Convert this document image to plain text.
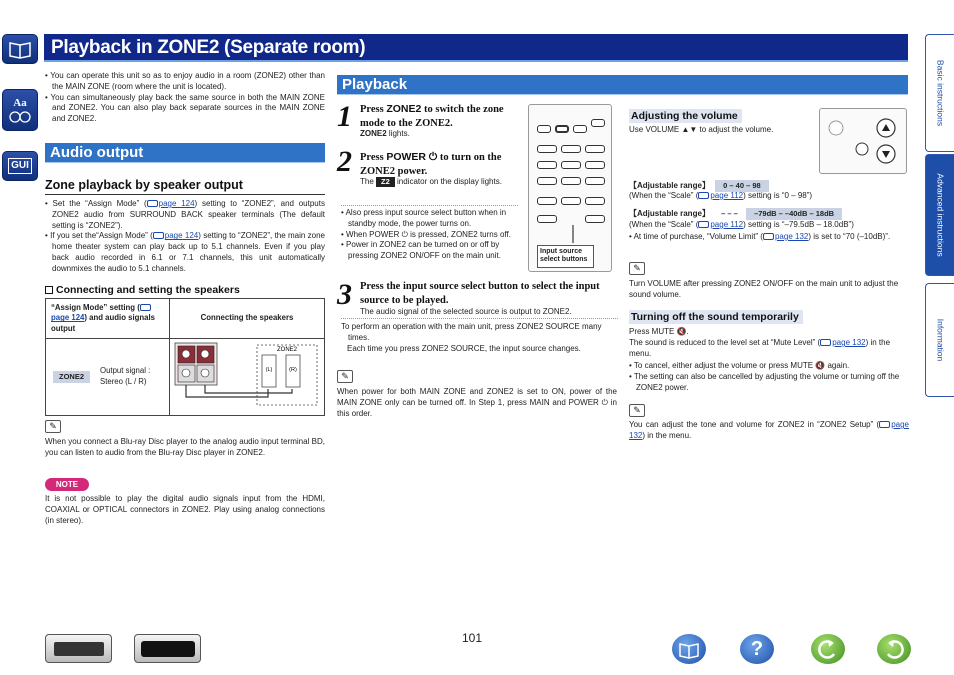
Aa
GUI
Playback in ZONE2 (Separate room)
Basic instructions
Advanced instructions
Information

• You can operate this unit so as to enjoy audio in a room (ZONE2) other than the MAIN ZONE (room where the unit is located).

• You can simultaneously play back the same source in both the MAIN ZONE and ZONE2. You can also play back separate sources in the MAIN ZONE and ZONE2.

Audio output
Zone playback by speaker output

• Set the “Assign Mode” ( page 124) setting to “ZONE2”, and outputs ZONE2 audio from SURROUND BACK speaker terminals (The default setting is “ZONE2”).

• If you set the“Assign Mode” ( page 124) setting to “ZONE2”, the main zone home theater system can play back up to 5.1 channels. Even if you play back audio recorded in 6.1 or 7.1 channels, this unit automatically downmixes the audio to 5.1 channels.

Connecting and setting the speakers
“Assign Mode” setting (page 124) and audio signals output		Connecting the speakers
ZONE2	Output signal : Stereo (L / R)	ZONE2
(L) (R)
✎

When you connect a Blu-ray Disc player to the analog audio input terminal BD, you can listen to audio from the Blu-ray Disc player in ZONE2.

NOTE

It is not possible to play the digital audio signals input from the HDMI, COAXIAL or OPTICAL connectors in ZONE2. Play using analog connections (in stereo).

Playback
1 Press ZONE2 to switch the zone mode to the ZONE2.

ZONE2 lights.

2 Press POWER ⏻ to turn on the ZONE2 power.

The Z2 indicator on the display lights.

• Also press input source select button when in standby mode, the power turns on.

• When POWER ⏻ is pressed, ZONE2 turns off.

• Power in ZONE2 can be turned on or off by pressing ZONE2 ON/OFF on the main unit.	Input source select buttons
3 Press the input source select button to select the input source to be played.

The audio signal of the selected source is output to ZONE2.

To perform an operation with the main unit, press ZONE2 SOURCE many times.

Each time you press ZONE2 SOURCE, the input source changes.

✎

When power for both MAIN ZONE and ZONE2 is set to ON, power of the MAIN ZONE only can be turned off. In Step 1, press MAIN and POWER ⏻ in this order.

Adjusting the volume

Use VOLUME ▲▼ to adjust the volume.

【Adjustable range】 0 – 40 – 98

(When the “Scale” ( page 112) setting is “0 – 98”)

【Adjustable range】 – – – –79dB – –40dB – 18dB

(When the “Scale” ( page 112) setting is “–79.5dB – 18.0dB”)

• At time of purchase, “Volume Limit” ( page 132) is set to “70 (–10dB)”.

✎

Turn VOLUME after pressing ZONE2 ON/OFF on the main unit to adjust the sound volume.

Turning off the sound temporarily

Press MUTE 🔇.

The sound is reduced to the level set at “Mute Level” ( page 132) in the menu.

• To cancel, either adjust the volume or press MUTE 🔇 again.

• The setting can also be cancelled by adjusting the volume or turning off the ZONE2 power.

✎

You can adjust the tone and volume for ZONE2 in “ZONE2 Setup” ( page 132) in the menu.

101	?
